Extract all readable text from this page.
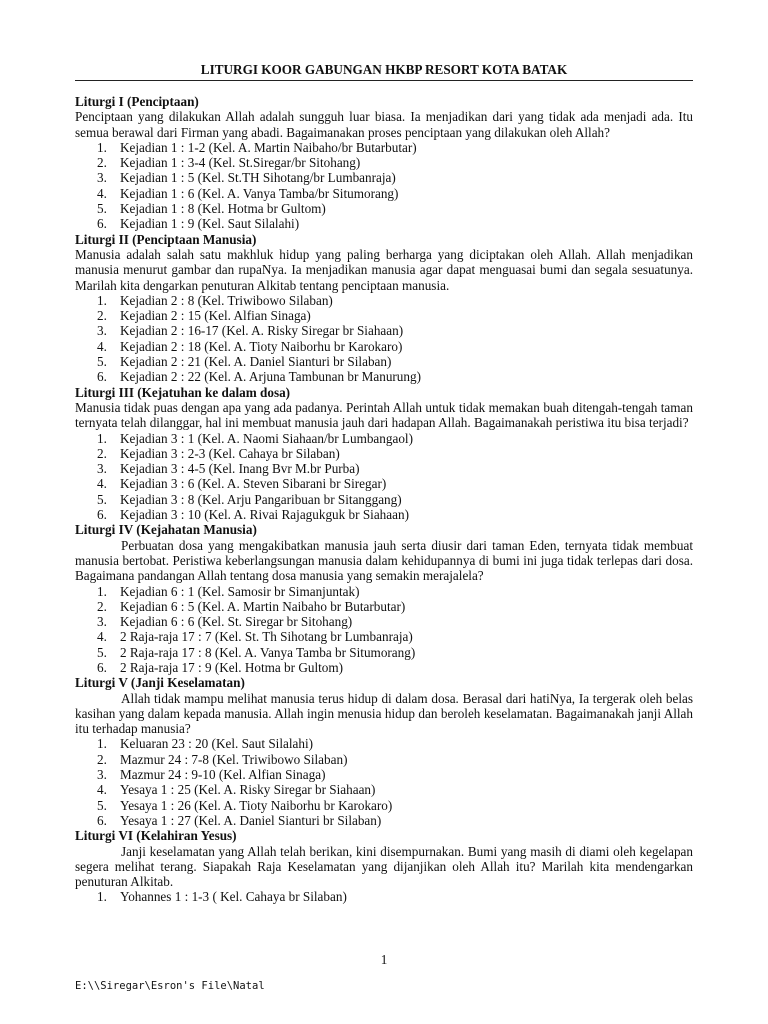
LITURGI KOOR GABUNGAN HKBP RESORT KOTA BATAK
Liturgi I (Penciptaan)

Penciptaan yang dilakukan Allah adalah sungguh luar biasa. Ia menjadikan dari yang tidak ada menjadi ada. Itu semua berawal dari Firman yang abadi. Bagaimanakan proses penciptaan yang dilakukan oleh Allah?

1. Kejadian 1 : 1-2 (Kel. A. Martin Naibaho/br Butarbutar)
2. Kejadian 1 : 3-4 (Kel. St.Siregar/br Sitohang)
3. Kejadian 1 : 5 (Kel. St.TH Sihotang/br Lumbanraja)
4. Kejadian 1 : 6 (Kel. A. Vanya Tamba/br Situmorang)
5. Kejadian 1 : 8 (Kel. Hotma br Gultom)
6. Kejadian 1 : 9 (Kel. Saut Silalahi)
Liturgi II (Penciptaan Manusia)

Manusia adalah salah satu makhluk hidup yang paling berharga yang diciptakan oleh Allah. Allah menjadikan manusia menurut gambar dan rupaNya. Ia menjadikan manusia agar dapat menguasai bumi dan segala sesuatunya. Marilah kita dengarkan penuturan Alkitab tentang penciptaan manusia.

1. Kejadian 2 : 8 (Kel. Triwibowo Silaban)
2. Kejadian 2 : 15 (Kel. Alfian Sinaga)
3. Kejadian 2 : 16-17 (Kel. A. Risky Siregar br Siahaan)
4. Kejadian 2 : 18 (Kel. A. Tioty Naiborhu br Karokaro)
5. Kejadian 2 : 21 (Kel. A. Daniel Sianturi br Silaban)
6. Kejadian 2 : 22 (Kel. A. Arjuna Tambunan br Manurung)
Liturgi III (Kejatuhan ke dalam dosa)

Manusia tidak puas dengan apa yang ada padanya. Perintah Allah untuk tidak memakan buah ditengah-tengah taman ternyata telah dilanggar, hal ini membuat manusia jauh dari hadapan Allah. Bagaimanakah peristiwa itu bisa terjadi?

1. Kejadian 3 : 1 (Kel. A. Naomi Siahaan/br Lumbangaol)
2. Kejadian 3 : 2-3 (Kel. Cahaya br Silaban)
3. Kejadian 3 : 4-5 (Kel. Inang Bvr M.br Purba)
4. Kejadian 3 : 6 (Kel. A. Steven Sibarani br Siregar)
5. Kejadian 3 : 8 (Kel. Arju Pangaribuan br Sitanggang)
6. Kejadian 3 : 10 (Kel. A. Rivai Rajagukguk br Siahaan)
Liturgi IV (Kejahatan Manusia)

Perbuatan dosa yang mengakibatkan manusia jauh serta diusir dari taman Eden, ternyata tidak membuat manusia bertobat. Peristiwa keberlangsungan manusia dalam kehidupannya di bumi ini juga tidak terlepas dari dosa. Bagaimana pandangan Allah tentang dosa manusia yang semakin merajalela?

1. Kejadian 6 : 1 (Kel. Samosir br Simanjuntak)
2. Kejadian 6 : 5 (Kel. A. Martin Naibaho br Butarbutar)
3. Kejadian 6 : 6 (Kel. St. Siregar br Sitohang)
4. 2 Raja-raja 17 : 7 (Kel. St. Th Sihotang br Lumbanraja)
5. 2 Raja-raja 17 : 8 (Kel. A. Vanya Tamba br Situmorang)
6. 2 Raja-raja 17 : 9 (Kel. Hotma br Gultom)
Liturgi V (Janji Keselamatan)

Allah tidak mampu melihat manusia terus hidup di dalam dosa. Berasal dari hatiNya, Ia tergerak oleh belas kasihan yang dalam kepada manusia. Allah ingin menusia hidup dan beroleh keselamatan. Bagaimanakah janji Allah itu terhadap manusia?

1. Keluaran 23 : 20 (Kel. Saut Silalahi)
2. Mazmur 24 : 7-8 (Kel. Triwibowo Silaban)
3. Mazmur 24 : 9-10 (Kel. Alfian Sinaga)
4. Yesaya 1 : 25 (Kel. A. Risky Siregar br Siahaan)
5. Yesaya 1 : 26 (Kel. A. Tioty Naiborhu br Karokaro)
6. Yesaya 1 : 27 (Kel. A. Daniel Sianturi br Silaban)
Liturgi VI (Kelahiran Yesus)

Janji keselamatan yang Allah telah berikan, kini disempurnakan. Bumi yang masih di diami oleh kegelapan segera melihat terang. Siapakah Raja Keselamatan yang dijanjikan oleh Allah itu? Marilah kita mendengarkan penuturan Alkitab.

1. Yohannes 1 : 1-3 ( Kel. Cahaya br Silaban)
1
E:\\Siregar\Esron's File\Natal
